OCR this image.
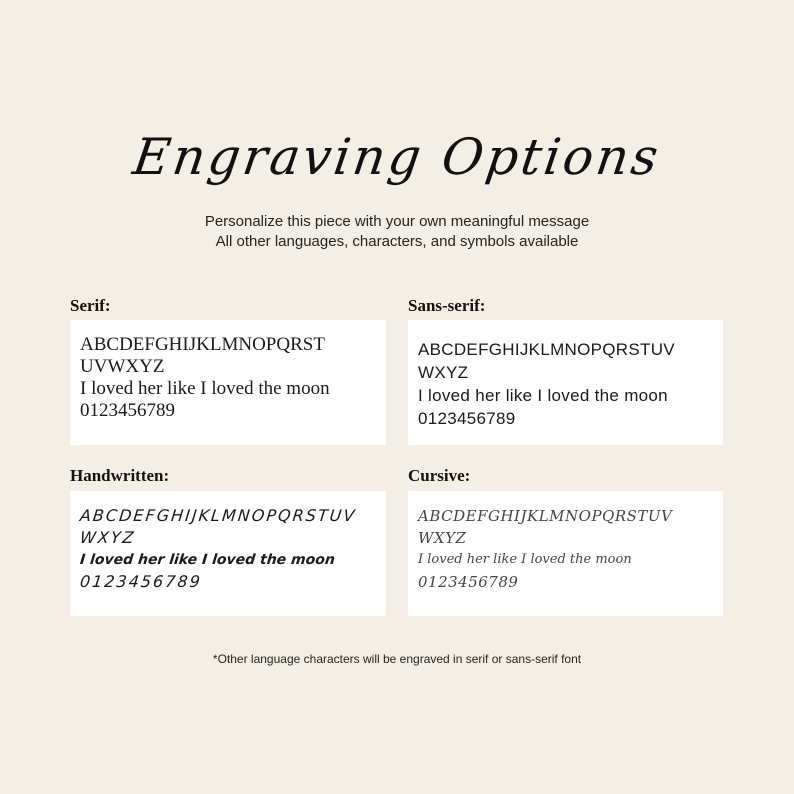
Engraving Options
Personalize this piece with your own meaningful message
All other languages, characters, and symbols available
Serif:
ABCDEFGHIJKLMNOPQRST
UVWXYZ
I loved her like I loved the moon
0123456789
Sans-serif:
ABCDEFGHIJKLMNOPQRSTUV
WXYZ
I loved her like I loved the moon
0123456789
Handwritten:
ABCDEFGHIJKLMNOPQRSTUV
WXYZ
I loved her like I loved the moon
0123456789
Cursive:
ABCDEFGHIJKLMNOPQRSTUV
WXYZ
I loved her like I loved the moon
0123456789
*Other language characters will be engraved in serif or sans-serif font
